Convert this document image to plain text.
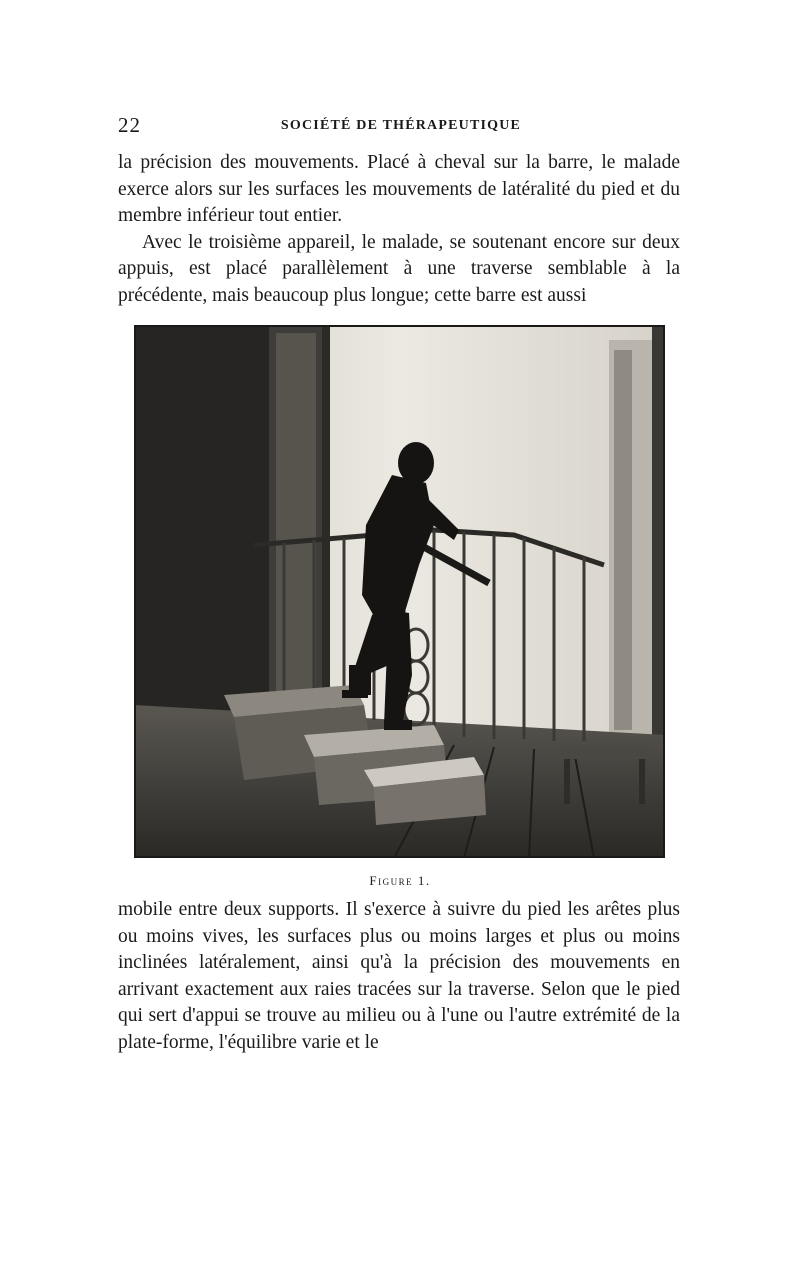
22	SOCIÉTÉ DE THÉRAPEUTIQUE

la précision des mouvements. Placé à cheval sur la barre, le malade exerce alors sur les surfaces les mouvements de latéralité du pied et du membre inférieur tout entier.

Avec le troisième appareil, le malade, se soutenant encore sur deux appuis, est placé parallèlement à une traverse semblable à la précédente, mais beaucoup plus longue; cette barre est aussi

Figure 1.

mobile entre deux supports. Il s'exerce à suivre du pied les arêtes plus ou moins vives, les surfaces plus ou moins larges et plus ou moins inclinées latéralement, ainsi qu'à la précision des mouvements en arrivant exactement aux raies tracées sur la traverse. Selon que le pied qui sert d'appui se trouve au milieu ou à l'une ou l'autre extrémité de la plate-forme, l'équilibre varie et le
